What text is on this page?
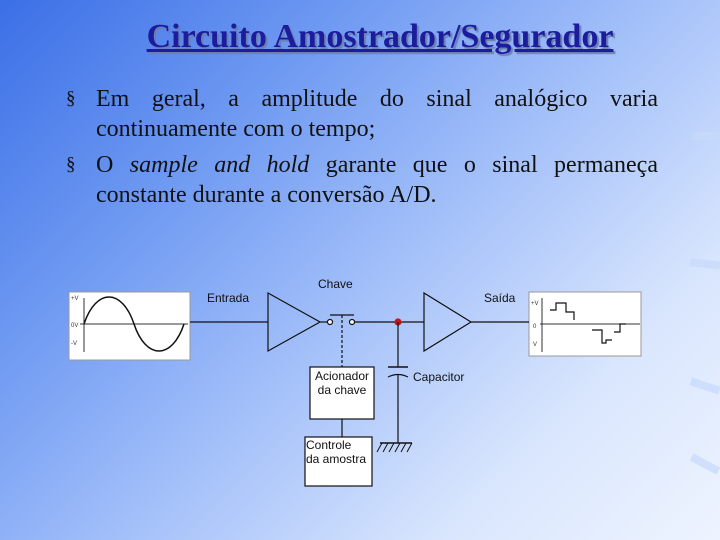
Circuito Amostrador/Segurador
§ Em geral, a amplitude do sinal analógico varia continuamente com o tempo;
§ O sample and hold garante que o sinal permaneça constante durante a conversão A/D.
+V
0V
-V
+V
0
V
Entrada
Chave
Saída
Acionador
da chave
Capacitor
Controle
da amostra
